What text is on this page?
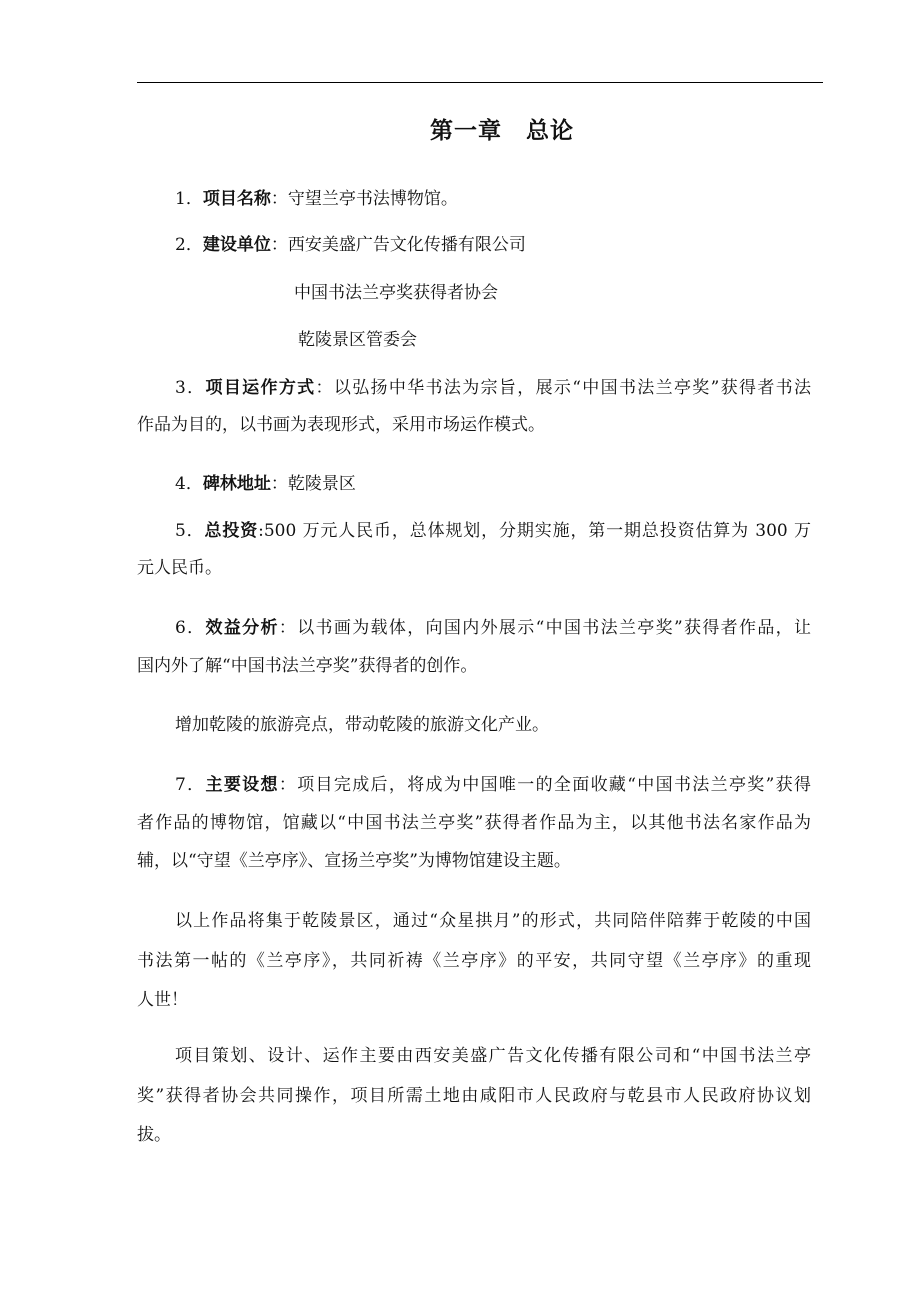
第一章　总论
1．项目名称：守望兰亭书法博物馆。
2．建设单位：西安美盛广告文化传播有限公司
中国书法兰亭奖获得者协会
乾陵景区管委会
3．项目运作方式：以弘扬中华书法为宗旨，展示“中国书法兰亭奖”获得者书法
作品为目的，以书画为表现形式，采用市场运作模式。
4．碑林地址：乾陵景区
5．总投资:500 万元人民币，总体规划，分期实施，第一期总投资估算为 300 万
元人民币。
6．效益分析：以书画为载体，向国内外展示“中国书法兰亭奖”获得者作品，让
国内外了解“中国书法兰亭奖”获得者的创作。
增加乾陵的旅游亮点，带动乾陵的旅游文化产业。
7．主要设想：项目完成后，将成为中国唯一的全面收藏“中国书法兰亭奖”获得
者作品的博物馆，馆藏以“中国书法兰亭奖”获得者作品为主，以其他书法名家作品为
辅，以“守望《兰亭序》、宣扬兰亭奖”为博物馆建设主题。
以上作品将集于乾陵景区，通过“众星拱月”的形式，共同陪伴陪葬于乾陵的中国
书法第一帖的《兰亭序》，共同祈祷《兰亭序》的平安，共同守望《兰亭序》的重现
人世！
项目策划、设计、运作主要由西安美盛广告文化传播有限公司和“中国书法兰亭
奖”获得者协会共同操作，项目所需土地由咸阳市人民政府与乾县市人民政府协议划
拔。
